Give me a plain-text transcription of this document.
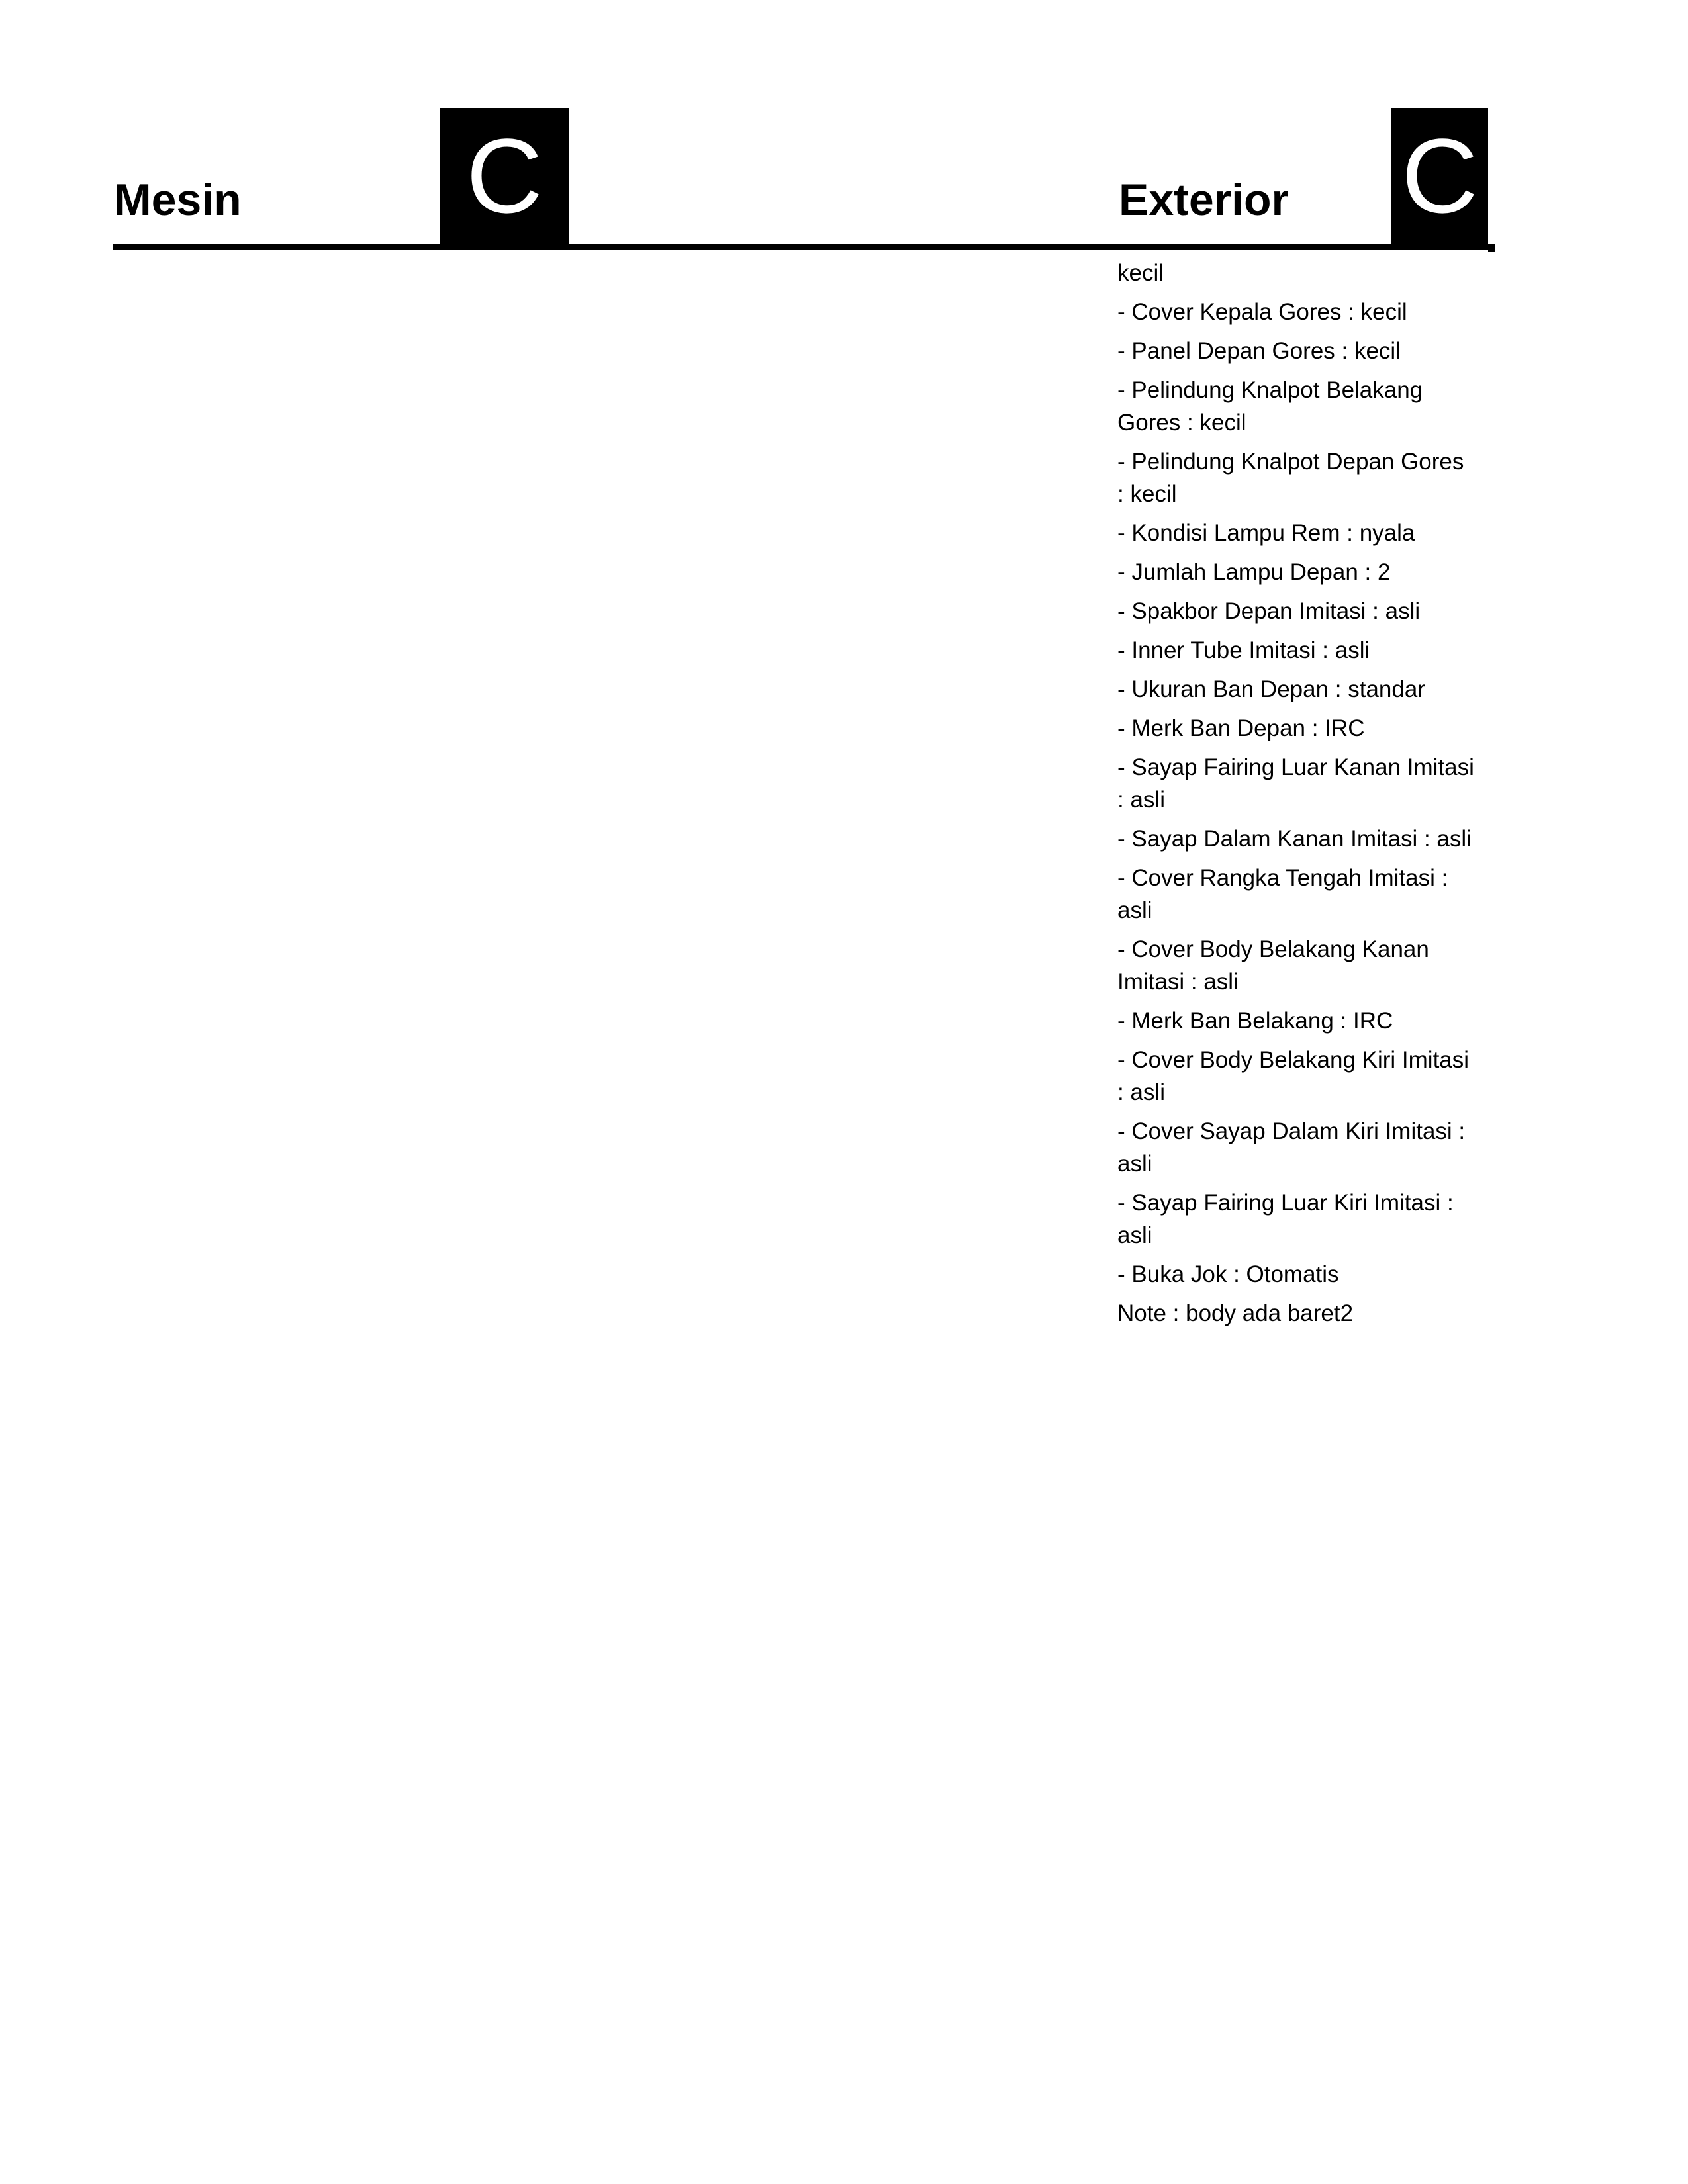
Mesin C	Exterior C
kecil
- Cover Kepala Gores : kecil
- Panel Depan Gores : kecil
- Pelindung Knalpot Belakang Gores : kecil
- Pelindung Knalpot Depan Gores : kecil
- Kondisi Lampu Rem : nyala
- Jumlah Lampu Depan : 2
- Spakbor Depan Imitasi : asli
- Inner Tube Imitasi : asli
- Ukuran Ban Depan : standar
- Merk Ban Depan : IRC
- Sayap Fairing Luar Kanan Imitasi : asli
- Sayap Dalam Kanan Imitasi : asli
- Cover Rangka Tengah Imitasi : asli
- Cover Body Belakang Kanan Imitasi : asli
- Merk Ban Belakang : IRC
- Cover Body Belakang Kiri Imitasi : asli
- Cover Sayap Dalam Kiri Imitasi : asli
- Sayap Fairing Luar Kiri Imitasi : asli
- Buka Jok : Otomatis
Note : body ada baret2
